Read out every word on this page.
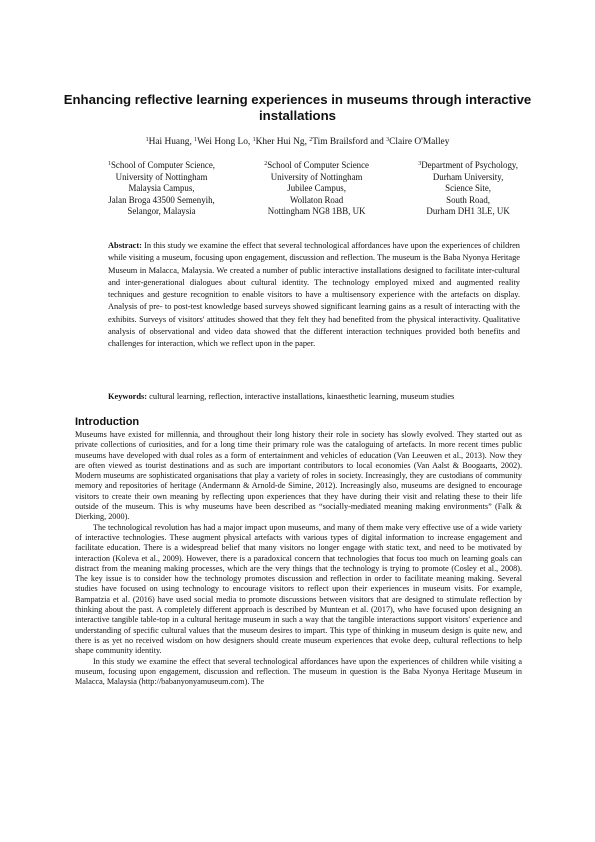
Enhancing reflective learning experiences in museums through interactive installations
$^1$Hai Huang, $^1$Wei Hong Lo, $^1$Kher Hui Ng, $^2$Tim Brailsford and $^3$Claire O'Malley
$^1$School of Computer Science,
University of Nottingham
Malaysia Campus,
Jalan Broga 43500 Semenyih,
Selangor, Malaysia
$^2$School of Computer Science
University of Nottingham
Jubilee Campus,
Wollaton Road
Nottingham NG8 1BB, UK
$^3$Department of Psychology,
Durham University,
Science Site,
South Road,
Durham DH1 3LE, UK
Abstract: In this study we examine the effect that several technological affordances have upon the experiences of children while visiting a museum, focusing upon engagement, discussion and reflection. The museum is the Baba Nyonya Heritage Museum in Malacca, Malaysia. We created a number of public interactive installations designed to facilitate inter-cultural and inter-generational dialogues about cultural identity. The technology employed mixed and augmented reality techniques and gesture recognition to enable visitors to have a multisensory experience with the artefacts on display. Analysis of pre- to post-test knowledge based surveys showed significant learning gains as a result of interacting with the exhibits. Surveys of visitors' attitudes showed that they felt they had benefited from the physical interactivity. Qualitative analysis of observational and video data showed that the different interaction techniques provided both benefits and challenges for interaction, which we reflect upon in the paper.
Keywords: cultural learning, reflection, interactive installations, kinaesthetic learning, museum studies
Introduction

Museums have existed for millennia, and throughout their long history their role in society has slowly evolved. They started out as private collections of curiosities, and for a long time their primary role was the cataloguing of artefacts. In more recent times public museums have developed with dual roles as a form of entertainment and vehicles of education (Van Leeuwen et al., 2013). Now they are often viewed as tourist destinations and as such are important contributors to local economies (Van Aalst & Boogaarts, 2002). Modern museums are sophisticated organisations that play a variety of roles in society. Increasingly, they are custodians of community memory and repositories of heritage (Andermann & Arnold-de Simine, 2012). Increasingly also, museums are designed to encourage visitors to create their own meaning by reflecting upon experiences that they have during their visit and relating these to their life outside of the museum. This is why museums have been described as “socially-mediated meaning making environments” (Falk & Dierking, 2000).

The technological revolution has had a major impact upon museums, and many of them make very effective use of a wide variety of interactive technologies. These augment physical artefacts with various types of digital information to increase engagement and facilitate education. There is a widespread belief that many visitors no longer engage with static text, and need to be motivated by interaction (Koleva et al., 2009). However, there is a paradoxical concern that technologies that focus too much on learning goals can distract from the meaning making processes, which are the very things that the technology is trying to promote (Cosley et al., 2008). The key issue is to consider how the technology promotes discussion and reflection in order to facilitate meaning making. Several studies have focused on using technology to encourage visitors to reflect upon their experiences in museum visits. For example, Bampatzia et al. (2016) have used social media to promote discussions between visitors that are designed to stimulate reflection by thinking about the past. A completely different approach is described by Muntean et al. (2017), who have focused upon designing an interactive tangible table-top in a cultural heritage museum in such a way that the tangible interactions support visitors' experience and understanding of specific cultural values that the museum desires to impart. This type of thinking in museum design is quite new, and there is as yet no received wisdom on how designers should create museum experiences that evoke deep, cultural reflections to help shape community identity.

In this study we examine the effect that several technological affordances have upon the experiences of children while visiting a museum, focusing upon engagement, discussion and reflection. The museum in question is the Baba Nyonya Heritage Museum in Malacca, Malaysia (http://babanyonyamuseum.com). The
